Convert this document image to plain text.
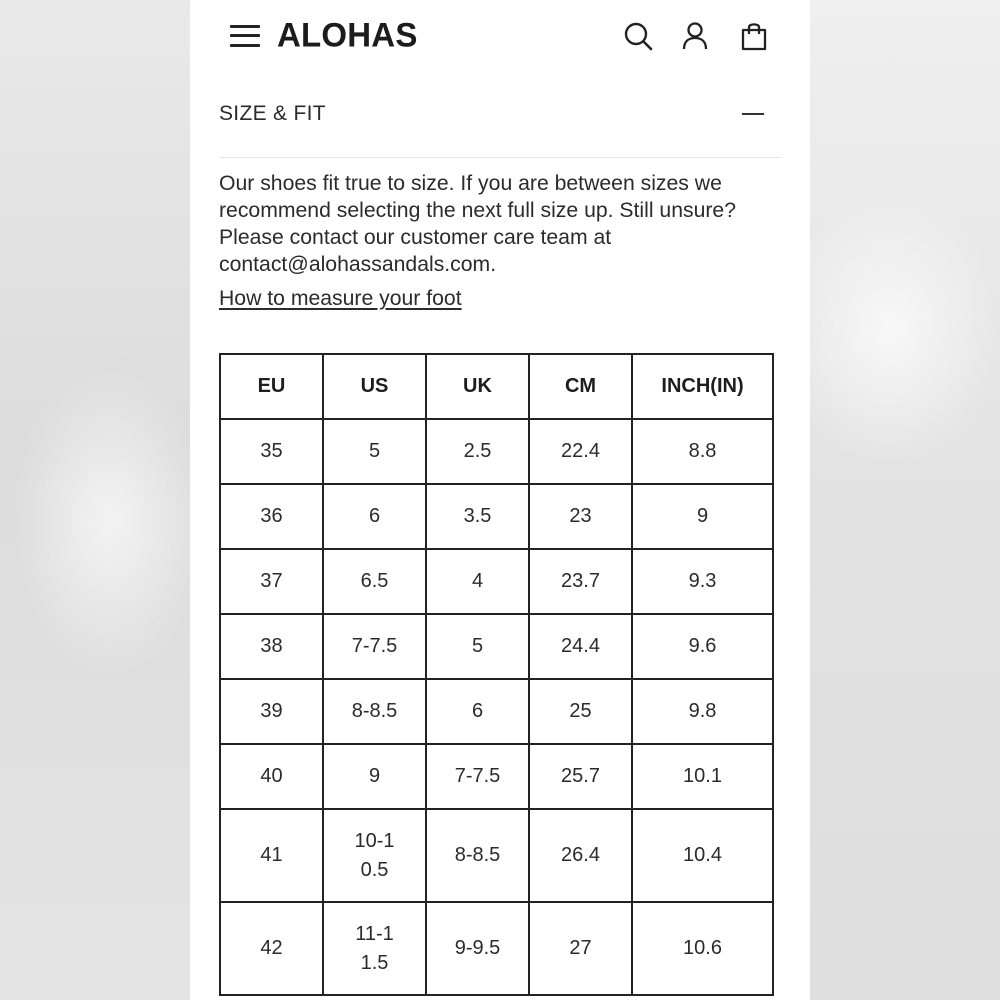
ALOHAS
SIZE & FIT

Our shoes fit true to size. If you are between sizes we recommend selecting the next full size up. Still unsure? Please contact our customer care team at contact@alohassandals.com.

How to measure your foot
EU	US	UK	CM	INCH(IN)
35	5	2.5	22.4	8.8
36	6	3.5	23	9
37	6.5	4	23.7	9.3
38	7-7.5	5	24.4	9.6
39	8-8.5	6	25	9.8
40	9	7-7.5	25.7	10.1
41	10-10.5	8-8.5	26.4	10.4
42	11-11.5	9-9.5	27	10.6
